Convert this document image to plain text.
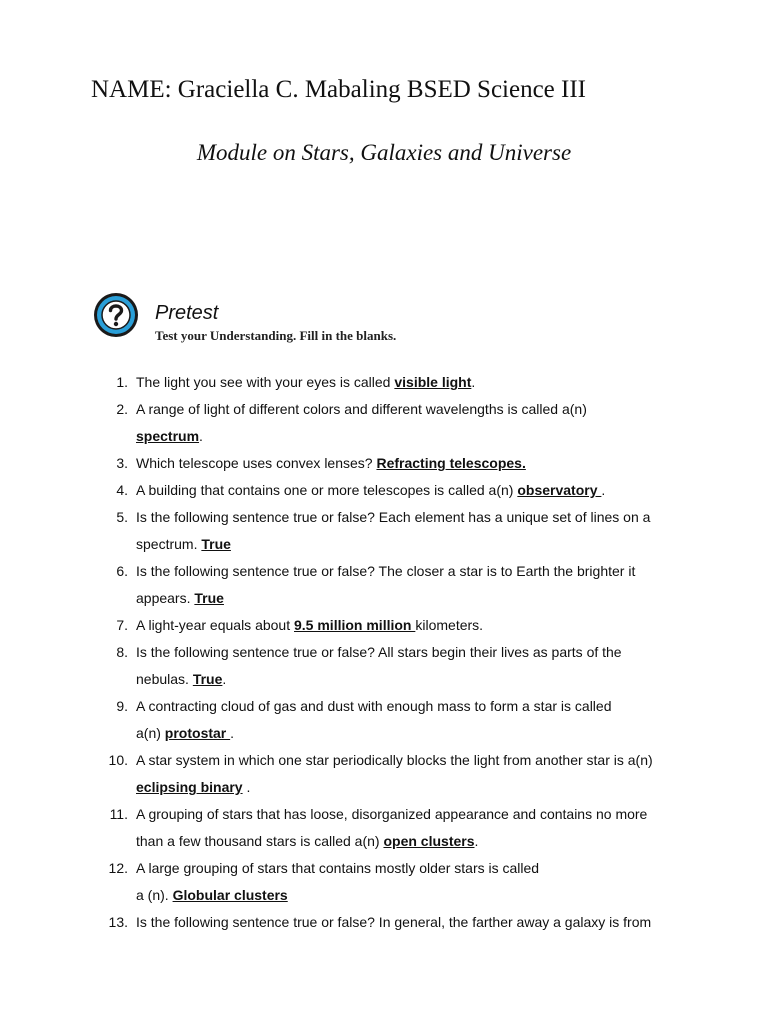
NAME: Graciella C. Mabaling BSED Science III
Module on Stars, Galaxies and Universe
Pretest
Test your Understanding. Fill in the blanks.
1. The light you see with your eyes is called visible light.
2. A range of light of different colors and different wavelengths is called a(n)
spectrum.
3. Which telescope uses convex lenses? Refracting telescopes.
4. A building that contains one or more telescopes is called a(n) observatory .
5. Is the following sentence true or false? Each element has a unique set of lines on a
spectrum. True
6. Is the following sentence true or false? The closer a star is to Earth the brighter it
appears. True
7. A light-year equals about 9.5 million million kilometers.
8. Is the following sentence true or false? All stars begin their lives as parts of the
nebulas. True.
9. A contracting cloud of gas and dust with enough mass to form a star is called
a(n) protostar .
10. A star system in which one star periodically blocks the light from another star is a(n)
eclipsing binary .
11. A grouping of stars that has loose, disorganized appearance and contains no more
than a few thousand stars is called a(n) open clusters.
12. A large grouping of stars that contains mostly older stars is called
a (n). Globular clusters
13. Is the following sentence true or false? In general, the farther away a galaxy is from
